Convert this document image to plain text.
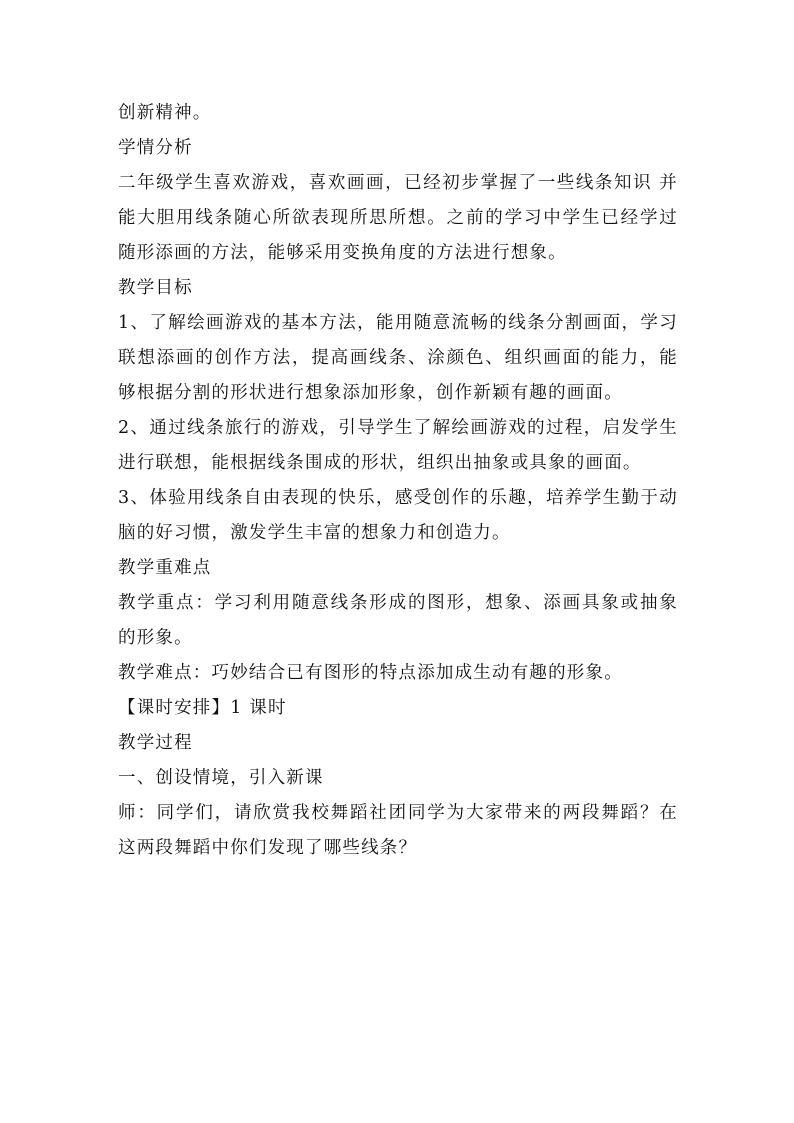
创新精神。

学情分析

二年级学生喜欢游戏，喜欢画画，已经初步掌握了一些线条知识 并能大胆用线条随心所欲表现所思所想。之前的学习中学生已经学过随形添画的方法，能够采用变换角度的方法进行想象。

教学目标

1、了解绘画游戏的基本方法，能用随意流畅的线条分割画面，学习联想添画的创作方法，提高画线条、涂颜色、组织画面的能力，能够根据分割的形状进行想象添加形象，创作新颖有趣的画面。

2、通过线条旅行的游戏，引导学生了解绘画游戏的过程，启发学生进行联想，能根据线条围成的形状，组织出抽象或具象的画面。

3、体验用线条自由表现的快乐，感受创作的乐趣，培养学生勤于动脑的好习惯，激发学生丰富的想象力和创造力。

教学重难点

教学重点：学习利用随意线条形成的图形，想象、添画具象或抽象的形象。

教学难点：巧妙结合已有图形的特点添加成生动有趣的形象。

【课时安排】1 课时

教学过程

一、创设情境，引入新课

师：同学们，请欣赏我校舞蹈社团同学为大家带来的两段舞蹈？在这两段舞蹈中你们发现了哪些线条？
